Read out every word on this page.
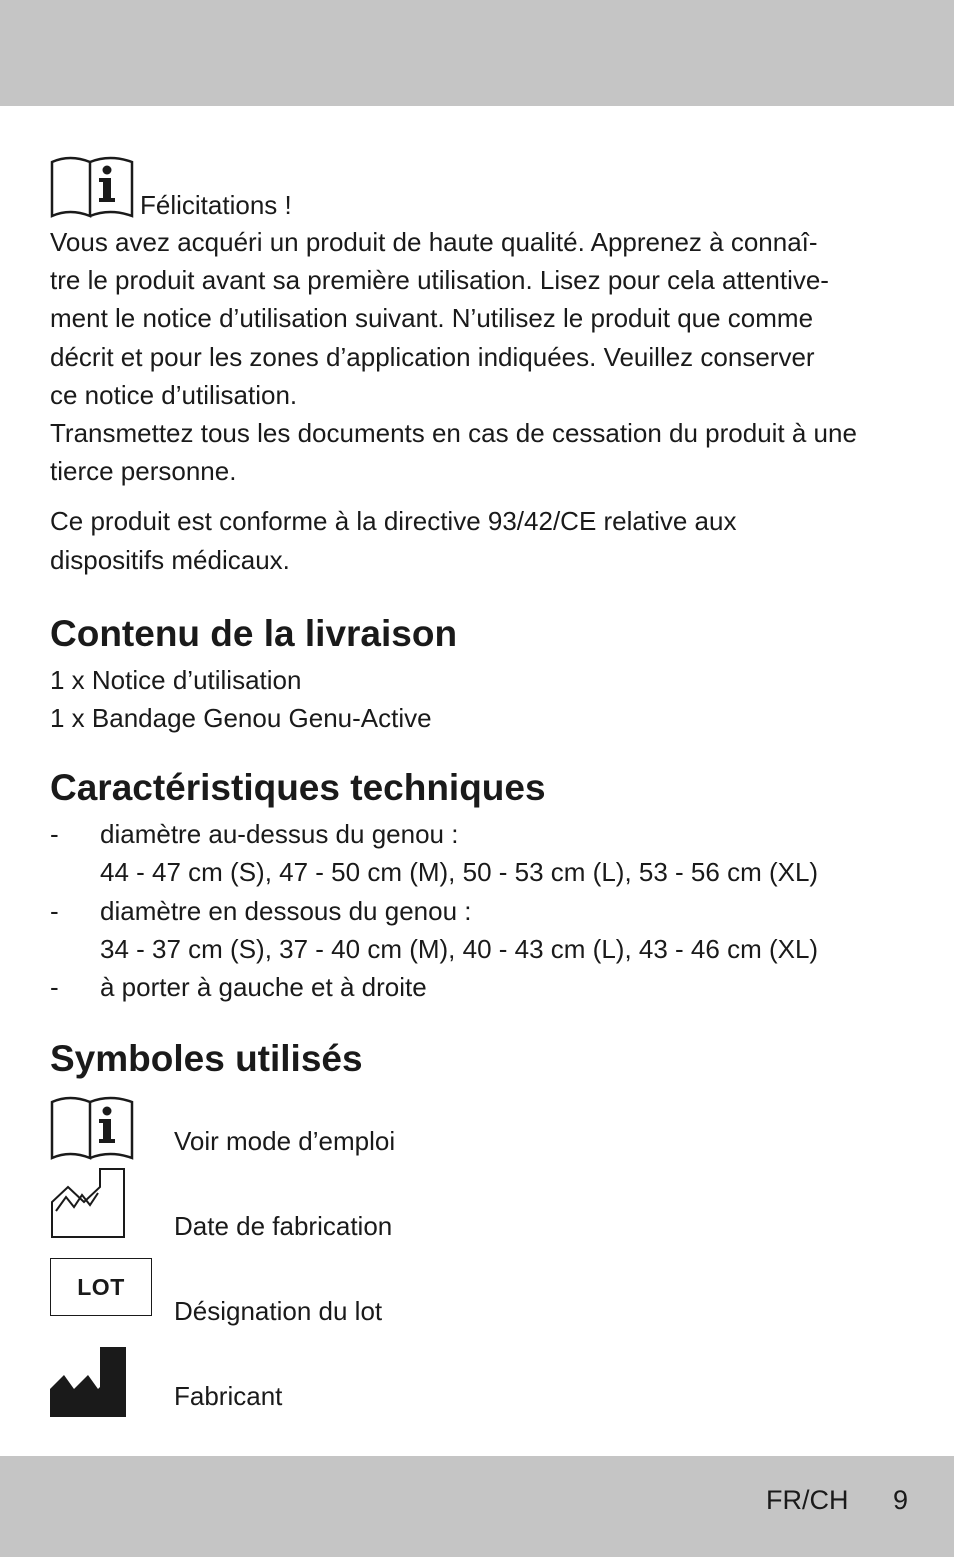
Félicitations !

Vous avez acquéri un produit de haute qualité. Apprenez à connaî-
tre le produit avant sa première utilisation. Lisez pour cela attentive-
ment le notice d’utilisation suivant. N’utilisez le produit que comme
décrit et pour les zones d’application indiquées. Veuillez conserver
ce notice d’utilisation.

Transmettez tous les documents en cas de cessation du produit à une
tierce personne.

Ce produit est conforme à la directive 93/42/CE relative aux
dispositifs médicaux.

Contenu de la livraison
1 x Notice d’utilisation
1 x Bandage Genou Genu-Active
Caractéristiques techniques
- diamètre au-dessus du genou :
44 - 47 cm (S), 47 - 50 cm (M), 50 - 53 cm (L), 53 - 56 cm (XL)
- diamètre en dessous du genou :
34 - 37 cm (S), 37 - 40 cm (M), 40 - 43 cm (L), 43 - 46 cm (XL)
- à porter à gauche et à droite
Symboles utilisés
Voir mode d’emploi
Date de fabrication
LOT
Désignation du lot
Fabricant
FR/CH 9
